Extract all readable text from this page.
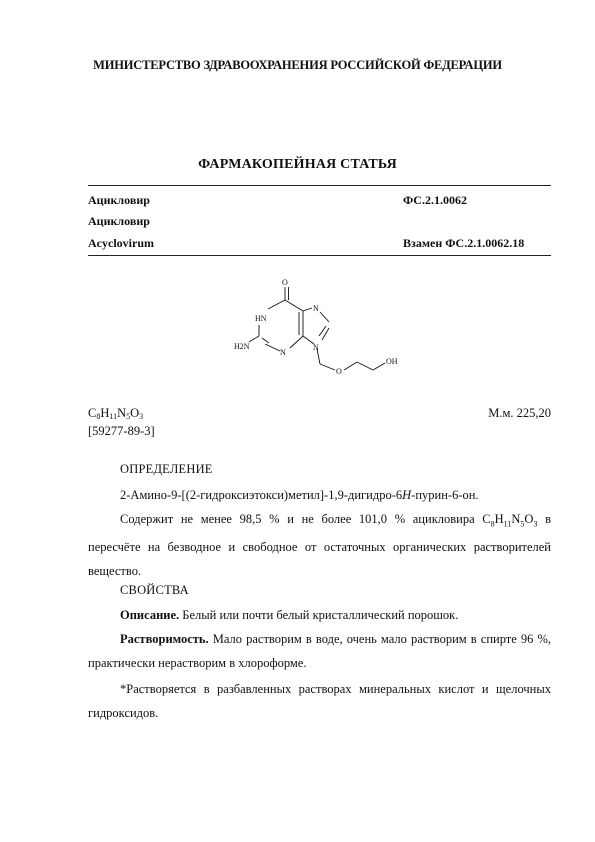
МИНИСТЕРСТВО ЗДРАВООХРАНЕНИЯ РОССИЙСКОЙ ФЕДЕРАЦИИ
ФАРМАКОПЕЙНАЯ СТАТЬЯ
Ацикловир	ФС.2.1.0062
Ацикловир
Acyclovirum	Взамен ФС.2.1.0062.18
O
HN
N
N
N
H2N
O
OH
$C_8H_{11}N_5O_3$	М.м. 225,20
[59277-89-3]
ОПРЕДЕЛЕНИЕ
2-Амино-9-[(2-гидроксиэтокси)метил]-1,9-дигидро-6H-пурин-6-он.
Содержит не менее 98,5 % и не более 101,0 % ацикловира $C_8H_{11}N_5O_3$ в пересчёте на безводное и свободное от остаточных органических растворителей вещество.
СВОЙСТВА
Описание. Белый или почти белый кристаллический порошок.
Растворимость. Мало растворим в воде, очень мало растворим в спирте 96 %, практически нерастворим в хлороформе.
*Растворяется в разбавленных растворах минеральных кислот и щелочных гидроксидов.
